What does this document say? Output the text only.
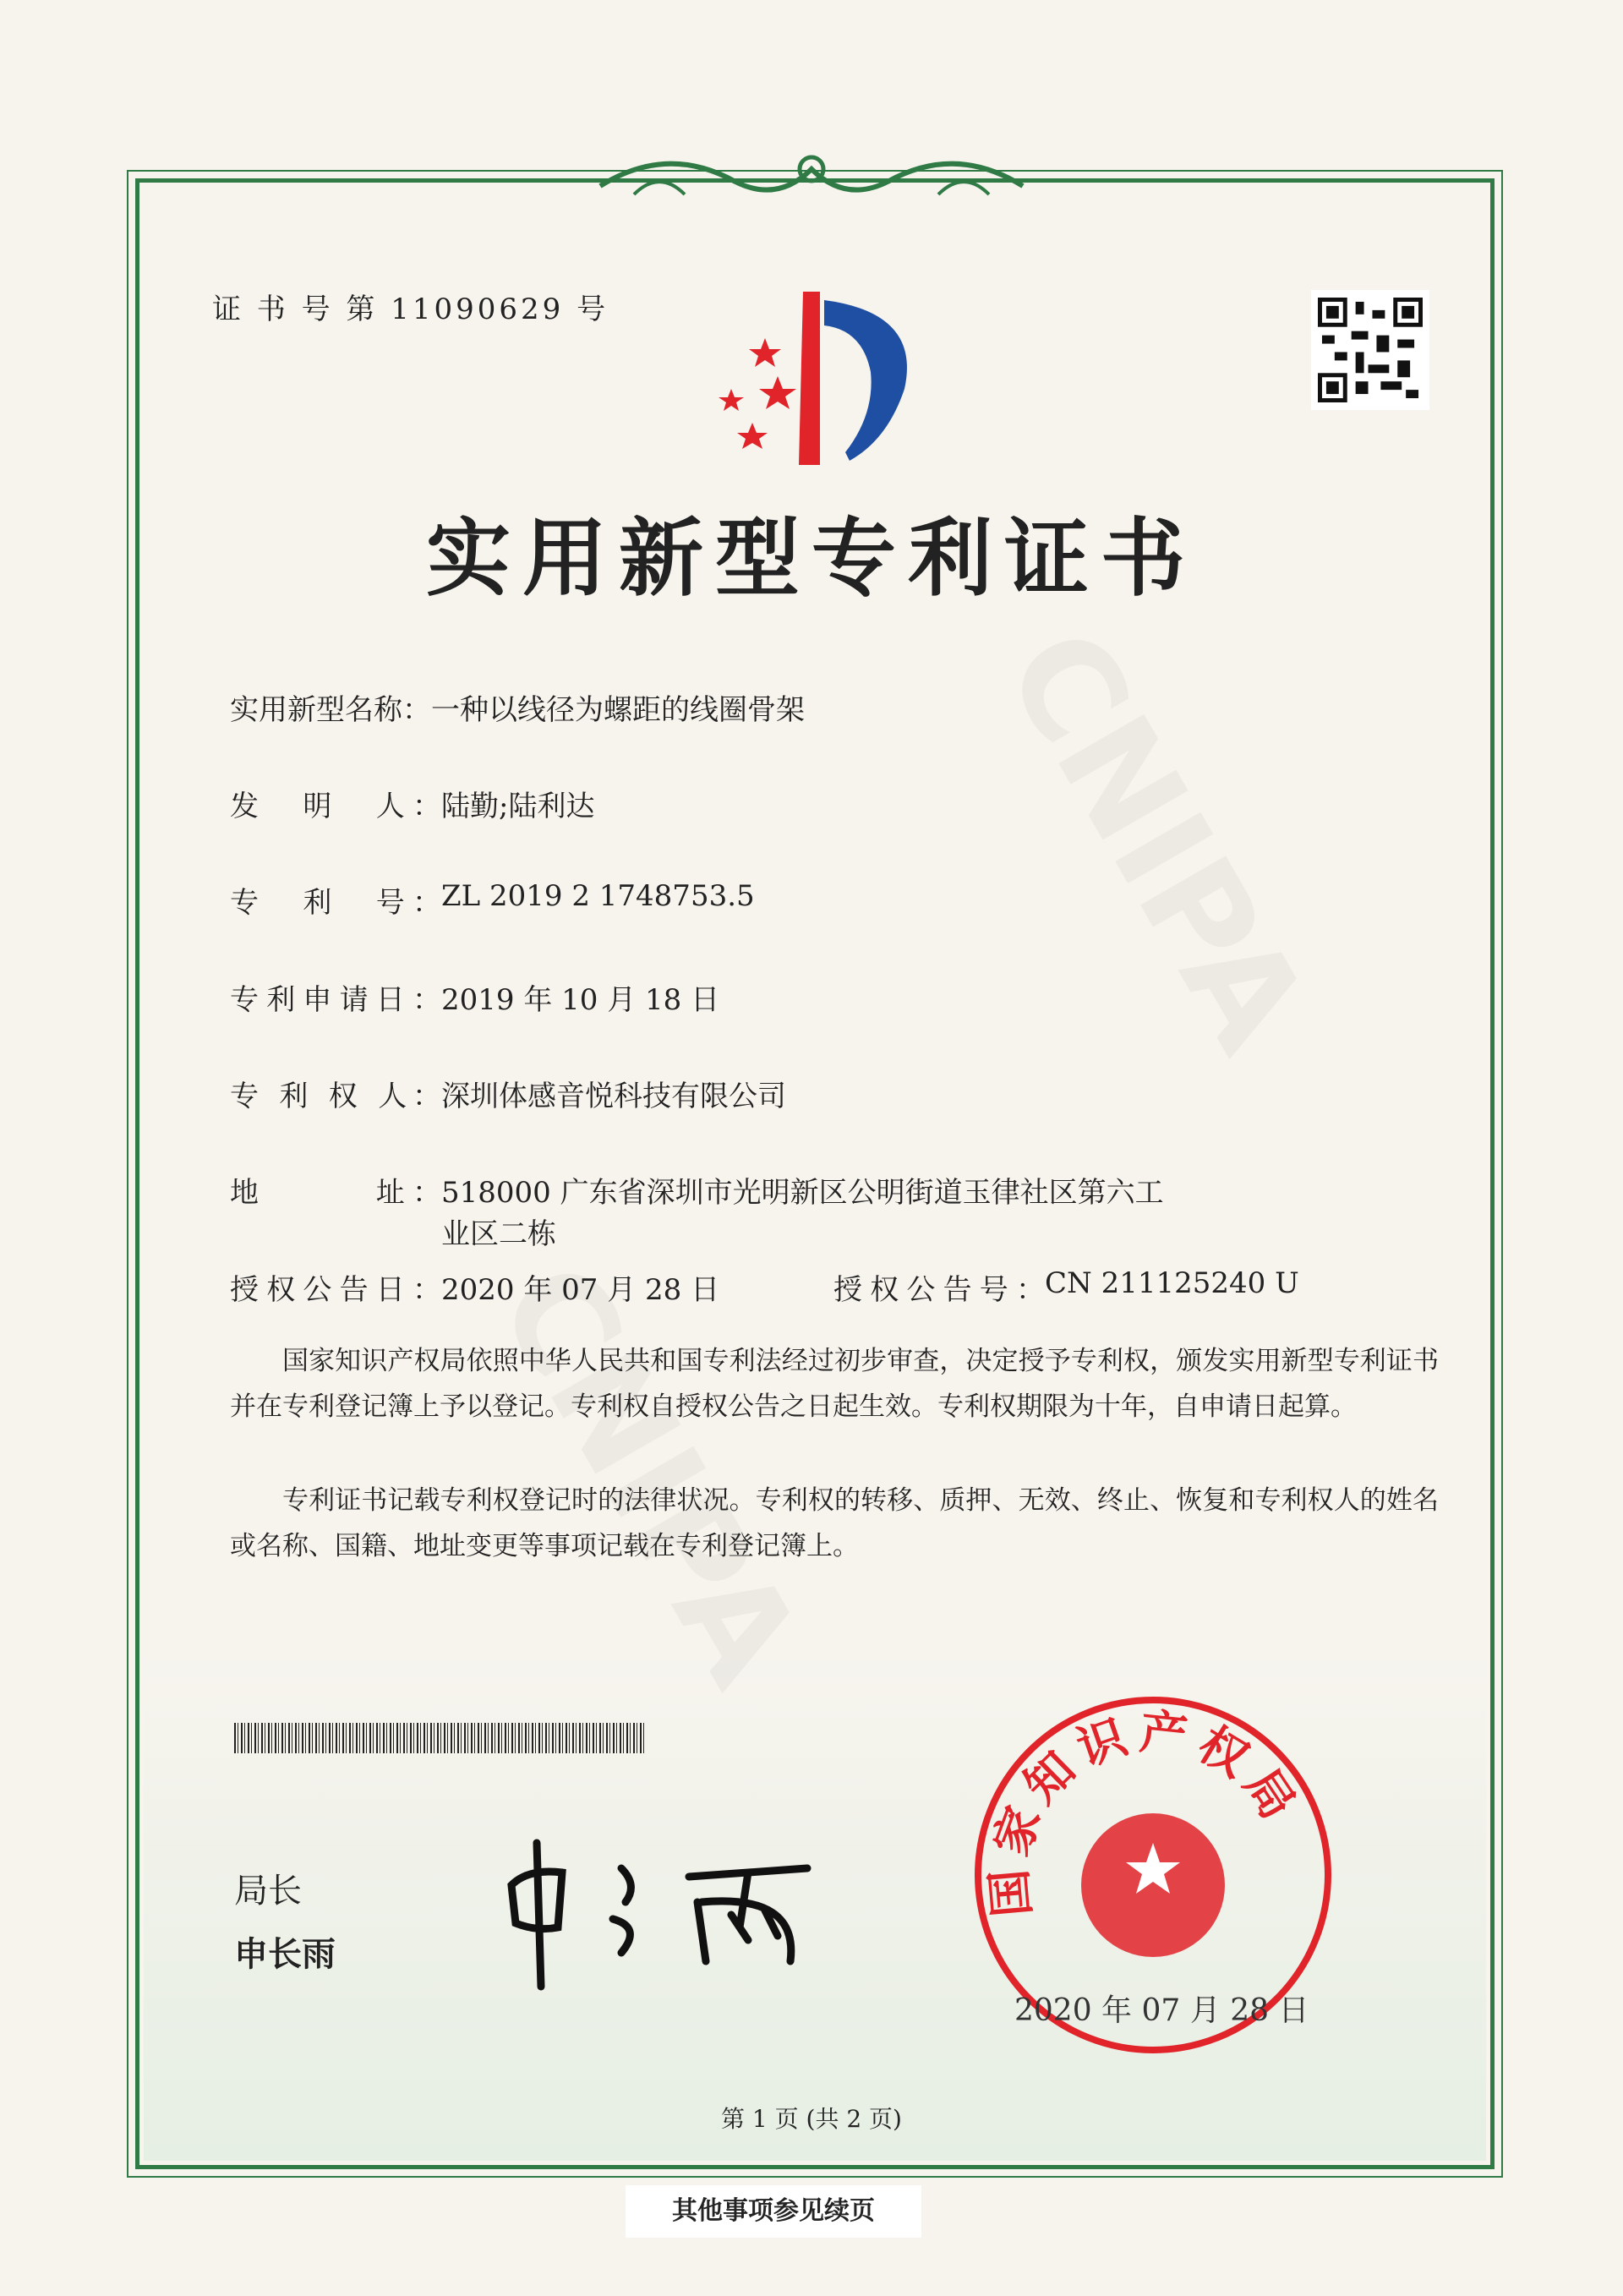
证 书 号 第 11090629 号
实用新型专利证书
实用新型名称： 一种以线径为螺距的线圈骨架
发　明　人： 陆勤;陆利达
专　利　号： ZL 2019 2 1748753.5
专利申请日： 2019 年 10 月 18 日
专 利 权 人： 深圳体感音悦科技有限公司
地　　　址： 518000 广东省深圳市光明新区公明街道玉律社区第六工
业区二栋
授权公告日： 2020 年 07 月 28 日	授权公告号： CN 211125240 U
国家知识产权局依照中华人民共和国专利法经过初步审查，决定授予专利权，颁发实用新型专利证书并在专利登记簿上予以登记。专利权自授权公告之日起生效。专利权期限为十年，自申请日起算。
专利证书记载专利权登记时的法律状况。专利权的转移、质押、无效、终止、恢复和专利权人的姓名或名称、国籍、地址变更等事项记载在专利登记簿上。
局长
申长雨
国家知识产权局
2020 年 07 月 28 日
第 1 页 (共 2 页)
其他事项参见续页
